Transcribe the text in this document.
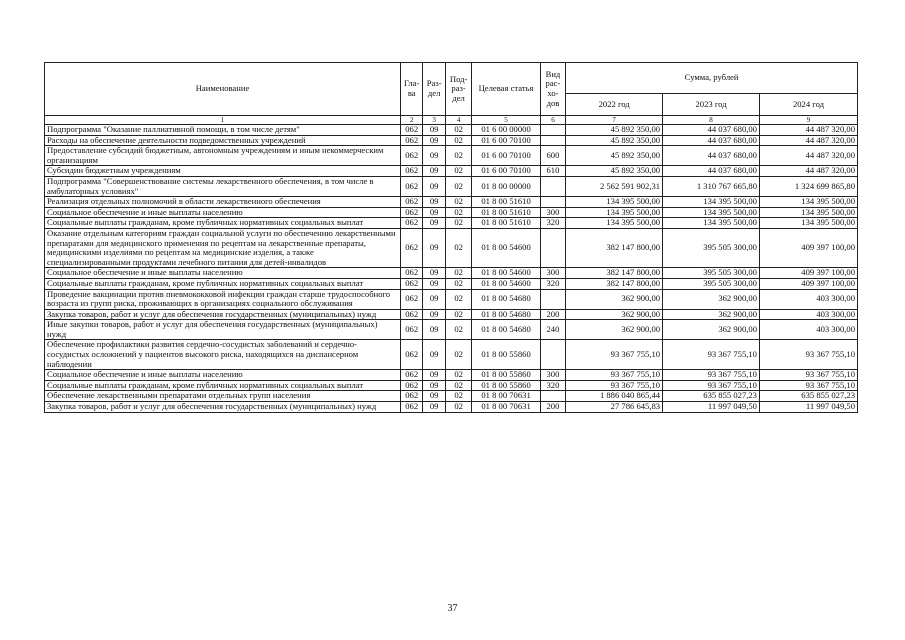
Наименование	Гла-ва	Раз-дел	Под-раз-дел	Целевая статья	Вид рас-хо-дов	Сумма, рублей		
						2022 год	2023 год	2024 год
1	2	3	4	5	6	7	8	9
Подпрограмма "Оказание паллиативной помощи, в том числе детям"	062	09	02	01 6 00 00000		45 892 350,00	44 037 680,00	44 487 320,00
Расходы на обеспечение деятельности подведомственных учреждений	062	09	02	01 6 00 70100		45 892 350,00	44 037 680,00	44 487 320,00
Предоставление субсидий бюджетным, автономным учреждениям и иным некоммерческим организациям	062	09	02	01 6 00 70100	600	45 892 350,00	44 037 680,00	44 487 320,00
Субсидии бюджетным учреждениям	062	09	02	01 6 00 70100	610	45 892 350,00	44 037 680,00	44 487 320,00
Подпрограмма "Совершенствование системы лекарственного обеспечения, в том числе в амбулаторных условиях"	062	09	02	01 8 00 00000		2 562 591 902,31	1 310 767 665,80	1 324 699 865,80
Реализация отдельных полномочий в области лекарственного обеспечения	062	09	02	01 8 00 51610		134 395 500,00	134 395 500,00	134 395 500,00
Социальное обеспечение и иные выплаты населению	062	09	02	01 8 00 51610	300	134 395 500,00	134 395 500,00	134 395 500,00
Социальные выплаты гражданам, кроме публичных нормативных социальных выплат	062	09	02	01 8 00 51610	320	134 395 500,00	134 395 500,00	134 395 500,00
Оказание отдельным категориям граждан социальной услуги по обеспечению лекарственными препаратами для медицинского применения по рецептам на лекарственные препараты, медицинскими изделиями по рецептам на медицинские изделия, а также специализированными продуктами лечебного питания для детей-инвалидов	062	09	02	01 8 00 54600		382 147 800,00	395 505 300,00	409 397 100,00
Социальное обеспечение и иные выплаты населению	062	09	02	01 8 00 54600	300	382 147 800,00	395 505 300,00	409 397 100,00
Социальные выплаты гражданам, кроме публичных нормативных социальных выплат	062	09	02	01 8 00 54600	320	382 147 800,00	395 505 300,00	409 397 100,00
Проведение вакцинации против пневмококковой инфекции граждан старше трудоспособного возраста из групп риска, проживающих в организациях социального обслуживания	062	09	02	01 8 00 54680		362 900,00	362 900,00	403 300,00
Закупка товаров, работ и услуг для обеспечения государственных (муниципальных) нужд	062	09	02	01 8 00 54680	200	362 900,00	362 900,00	403 300,00
Иные закупки товаров, работ и услуг для обеспечения государственных (муниципальных) нужд	062	09	02	01 8 00 54680	240	362 900,00	362 900,00	403 300,00
Обеспечение профилактики развития сердечно-сосудистых заболеваний и сердечно-сосудистых осложнений у пациентов высокого риска, находящихся на диспансерном наблюдении	062	09	02	01 8 00 55860		93 367 755,10	93 367 755,10	93 367 755,10
Социальное обеспечение и иные выплаты населению	062	09	02	01 8 00 55860	300	93 367 755,10	93 367 755,10	93 367 755,10
Социальные выплаты гражданам, кроме публичных нормативных социальных выплат	062	09	02	01 8 00 55860	320	93 367 755,10	93 367 755,10	93 367 755,10
Обеспечение лекарственными препаратами отдельных групп населения	062	09	02	01 8 00 70631		1 886 040 865,44	635 855 027,23	635 855 027,23
Закупка товаров, работ и услуг для обеспечения государственных (муниципальных) нужд	062	09	02	01 8 00 70631	200	27 786 645,83	11 997 049,50	11 997 049,50
37
